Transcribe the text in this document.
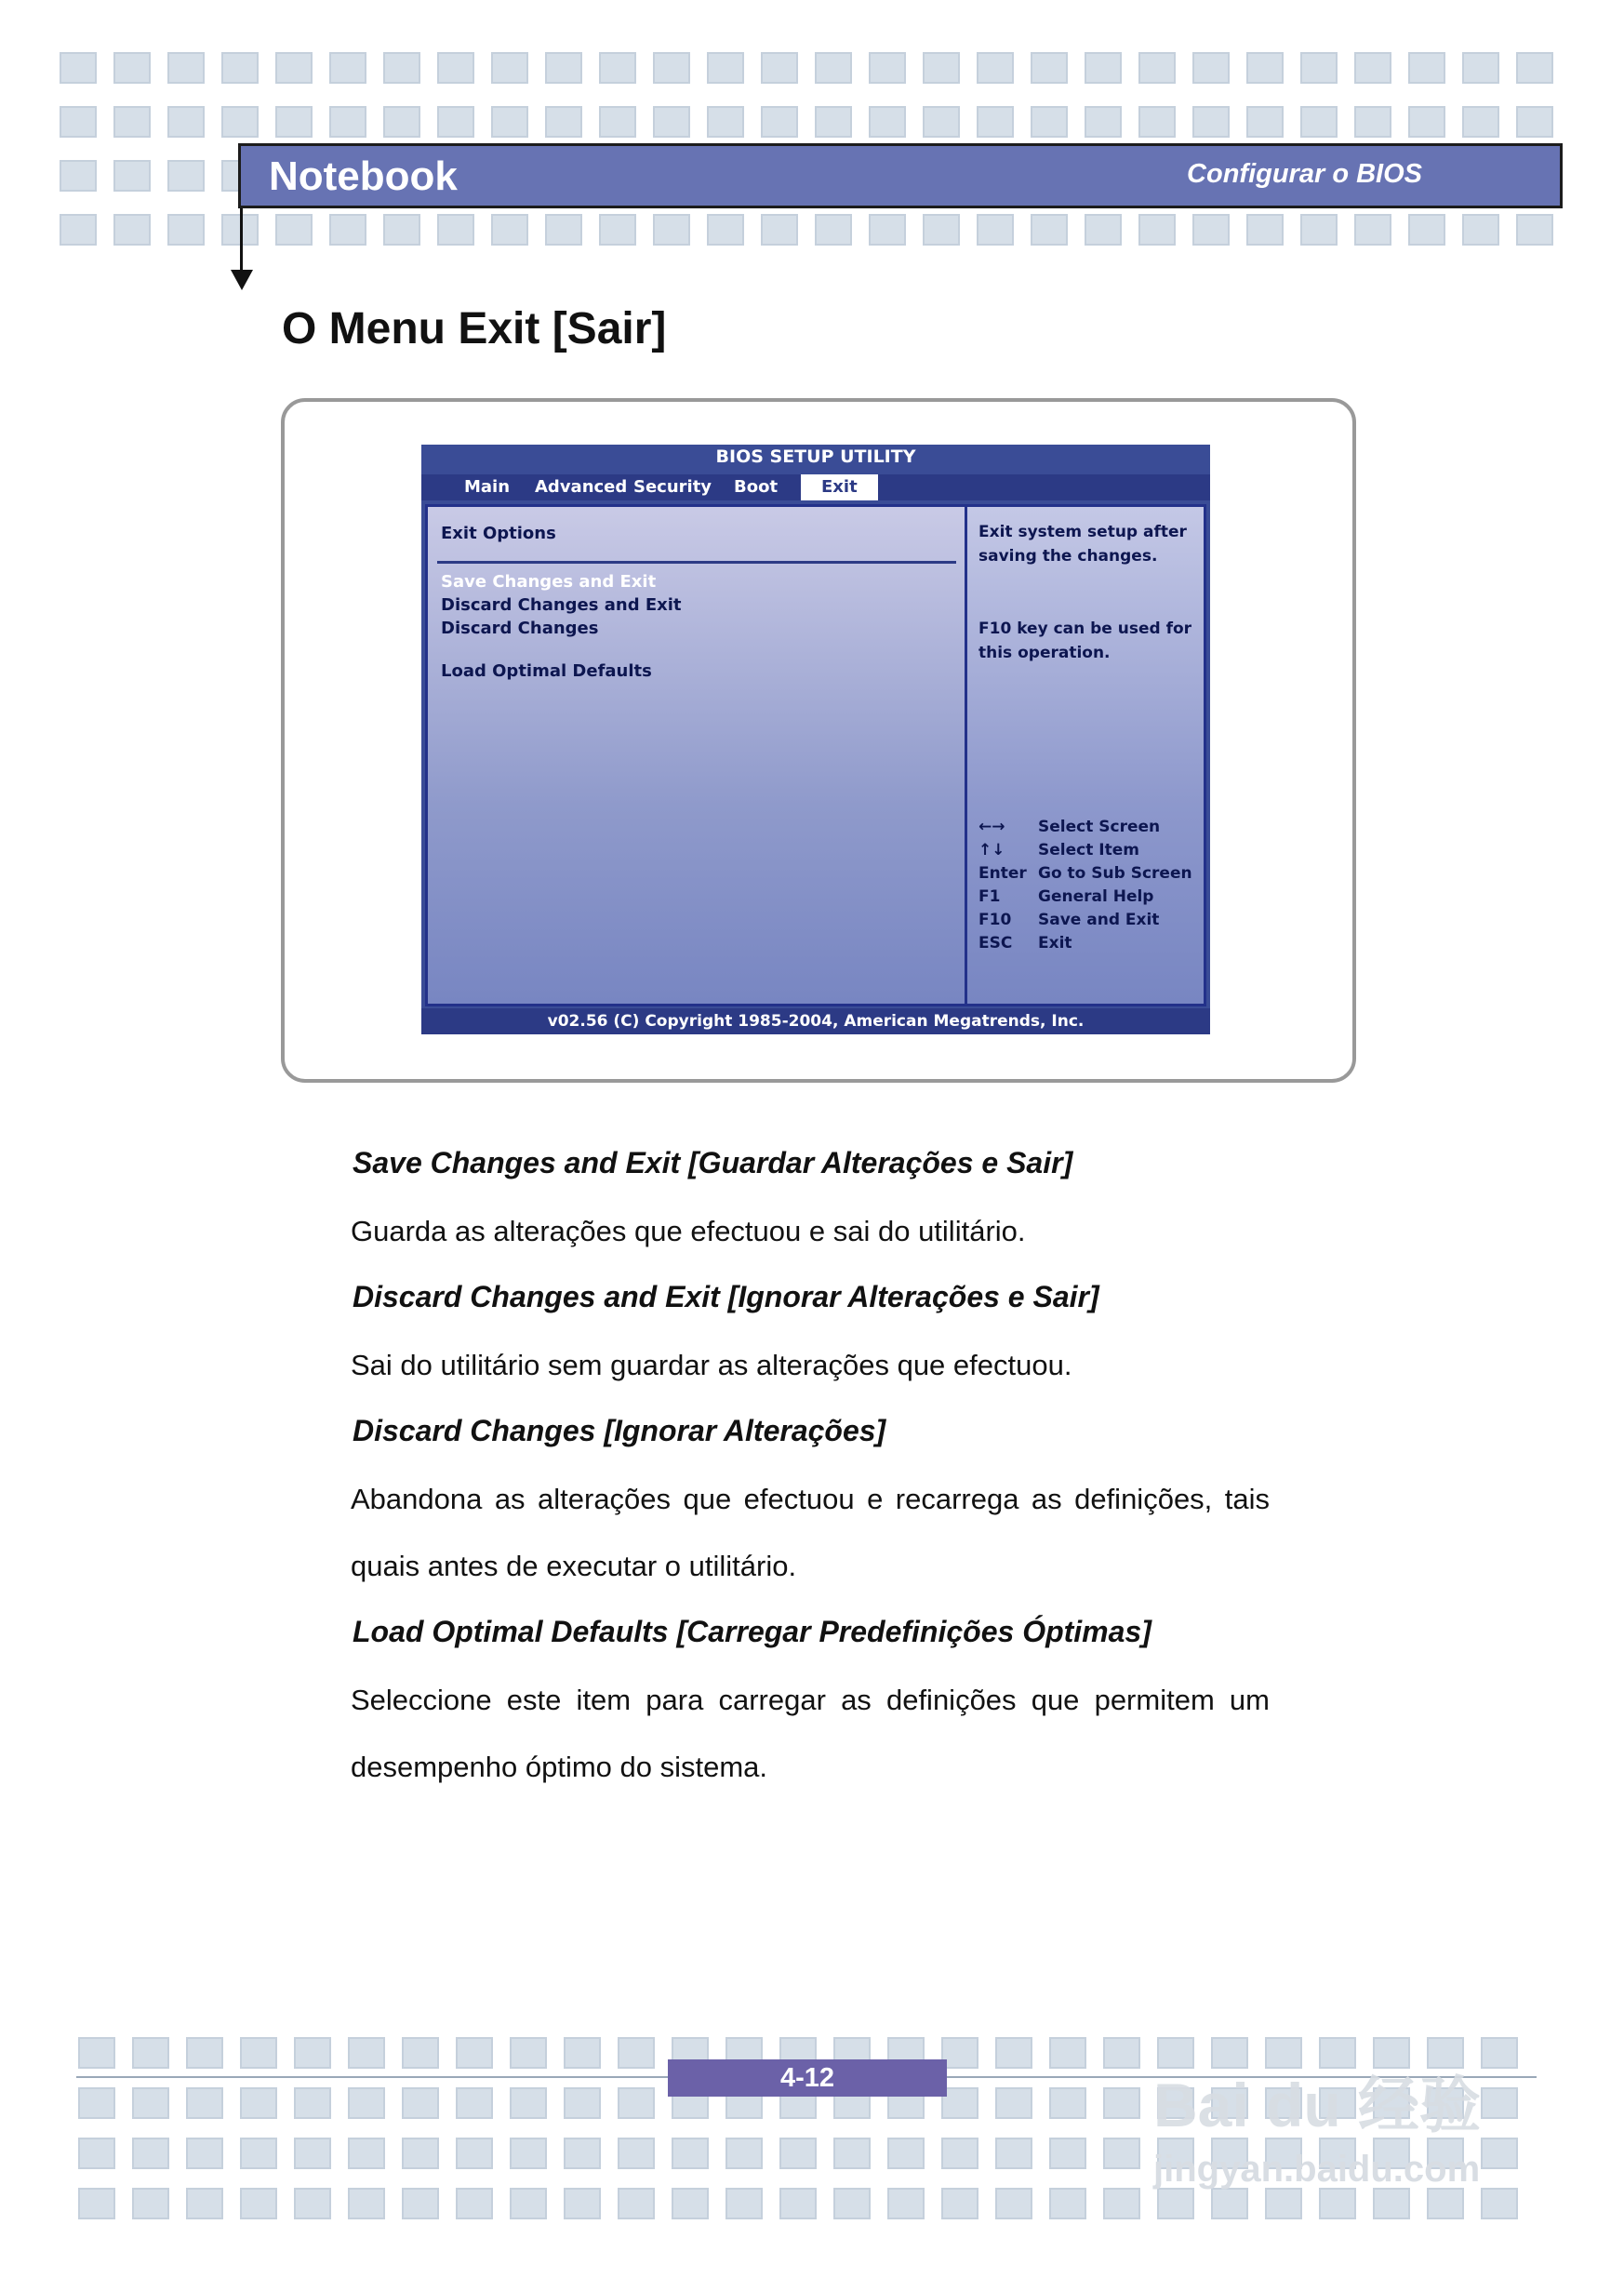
Notebook	Configurar o BIOS
O Menu Exit [Sair]
BIOS SETUP UTILITY
Main Advanced Security Boot	Exit
Exit Options
Save Changes and Exit
Discard Changes and Exit
Discard Changes
Load Optimal Defaults
Exit system setup after saving the changes.
F10 key can be used for this operation.
←→ Select Screen
↑↓ Select Item
Enter Go to Sub Screen
F1 General Help
F10 Save and Exit
ESC Exit
v02.56 (C) Copyright 1985-2004, American Megatrends, Inc.
Save Changes and Exit [Guardar Alterações e Sair]
Guarda as alterações que efectuou e sai do utilitário.
Discard Changes and Exit [Ignorar Alterações e Sair]
Sai do utilitário sem guardar as alterações que efectuou.
Discard Changes [Ignorar Alterações]
Abandona as alterações que efectuou e recarrega as definições, tais
quais antes de executar o utilitário.
Load Optimal Defaults [Carregar Predefinições Óptimas]
Seleccione este item para carregar as definições que permitem um
desempenho óptimo do sistema.
4-12	Bai du 经验
jingyan.baidu.com
